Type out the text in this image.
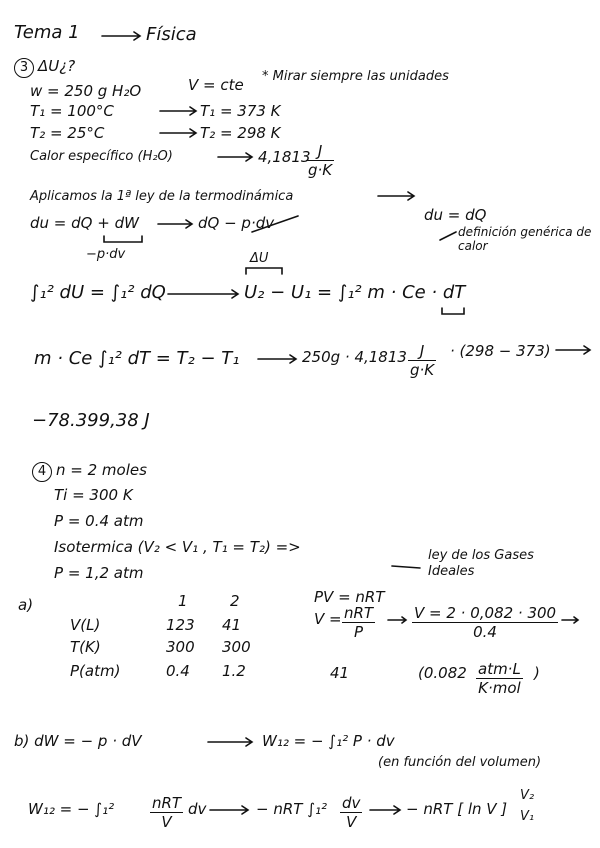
Tema 1	Física
3 ΔU¿?
w = 250 g H₂O	V = cte * Mirar siempre las unidades
T₁ = 100°C	T₁ = 373 K
T₂ = 25°C	T₂ = 298 K
Calor específico (H₂O)	4,1813
$\frac{J}{g\cdot K}$
Aplicamos la 1ª ley de la termodinámica
du = dQ + dW	dQ − p·dv	du = dQ
−p·dv
definición genérica de calor
ΔU
∫₁² dU = ∫₁² dQ	U₂ − U₁ = ∫₁² m · Ce · dT
m · Ce ∫₁² dT = T₂ − T₁	$250g \cdot 4,1813 \frac{J}{g\cdot K} \cdot (298 - 373)$
−78.399,38 J
4 n = 2 moles
Ti = 300 K
P = 0.4 atm
Isotermica (V₂ < V₁ , T₁ = T₂) =>
P = 1,2 atm
ley de los Gases Ideales
PV = nRT
V = nRT
P	$\frac{V = 2 \cdot 0,082 \cdot 300}{0.4}$
41	(0.082 atm·L
K·mol
)
a)	1	2
V(L)	123 41
T(K)	300 300
P(atm)	0.4 1.2
b) dW = − p · dV	W₁₂ = − ∫₁² P · dv
(en función del volumen)
W₁₂ = − ∫₁²	nRT
V
dv	− nRT $\int_1^2 \frac{dv}{V}$	− nRT [ ln V ]
V₂ V₁
